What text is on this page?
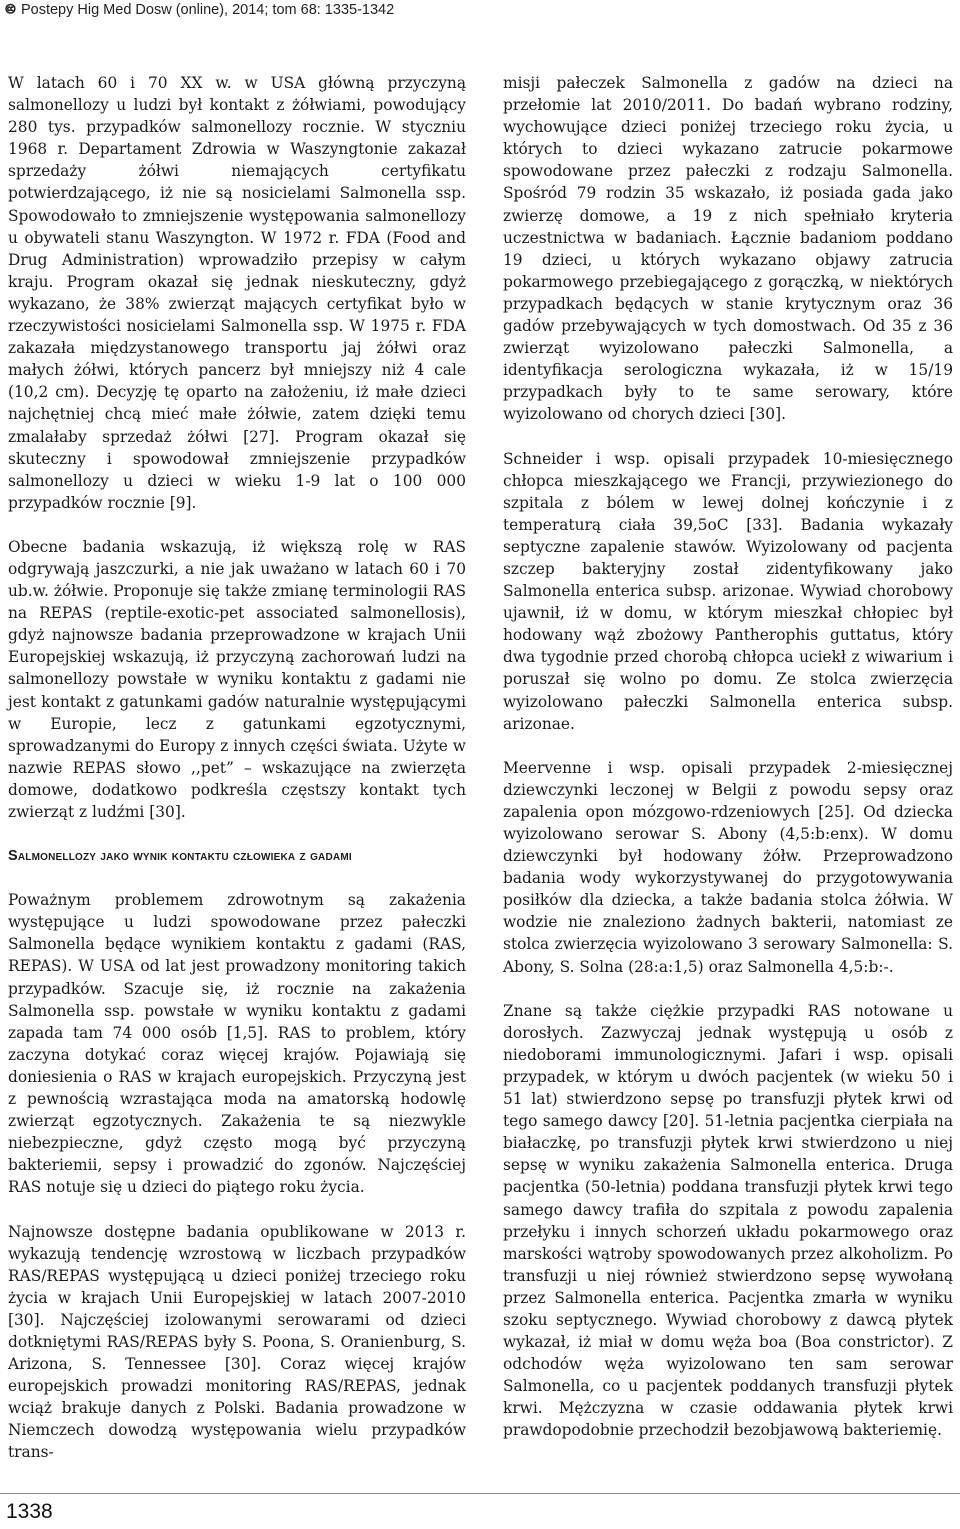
🅭 Postepy Hig Med Dosw (online), 2014; tom 68: 1335-1342

W latach 60 i 70 XX w. w USA główną przyczyną salmonellozy u ludzi był kontakt z żółwiami, powodujący 280 tys. przypadków salmonellozy rocznie. W styczniu 1968 r. Departament Zdrowia w Waszyngtonie zakazał sprzedaży żółwi niemających certyfikatu potwierdzającego, iż nie są nosicielami Salmonella ssp. Spowodowało to zmniejszenie występowania salmonellozy u obywateli stanu Waszyngton. W 1972 r. FDA (Food and Drug Administration) wprowadziło przepisy w całym kraju. Program okazał się jednak nieskuteczny, gdyż wykazano, że 38% zwierząt mających certyfikat było w rzeczywistości nosicielami Salmonella ssp. W 1975 r. FDA zakazała międzystanowego transportu jaj żółwi oraz małych żółwi, których pancerz był mniejszy niż 4 cale (10,2 cm). Decyzję tę oparto na założeniu, iż małe dzieci najchętniej chcą mieć małe żółwie, zatem dzięki temu zmalałaby sprzedaż żółwi [27]. Program okazał się skuteczny i spowodował zmniejszenie przypadków salmonellozy u dzieci w wieku 1-9 lat o 100 000 przypadków rocznie [9].

Obecne badania wskazują, iż większą rolę w RAS odgrywają jaszczurki, a nie jak uważano w latach 60 i 70 ub.w. żółwie. Proponuje się także zmianę terminologii RAS na REPAS (reptile-exotic-pet associated salmonellosis), gdyż najnowsze badania przeprowadzone w krajach Unii Europejskiej wskazują, iż przyczyną zachorowań ludzi na salmonellozy powstałe w wyniku kontaktu z gadami nie jest kontakt z gatunkami gadów naturalnie występującymi w Europie, lecz z gatunkami egzotycznymi, sprowadzanymi do Europy z innych części świata. Użyte w nazwie REPAS słowo ,,pet” – wskazujące na zwierzęta domowe, dodatkowo podkreśla częstszy kontakt tych zwierząt z ludźmi [30].

Salmonellozy jako wynik kontaktu człowieka z gadami

Poważnym problemem zdrowotnym są zakażenia występujące u ludzi spowodowane przez pałeczki Salmonella będące wynikiem kontaktu z gadami (RAS, REPAS). W USA od lat jest prowadzony monitoring takich przypadków. Szacuje się, iż rocznie na zakażenia Salmonella ssp. powstałe w wyniku kontaktu z gadami zapada tam 74 000 osób [1,5]. RAS to problem, który zaczyna dotykać coraz więcej krajów. Pojawiają się doniesienia o RAS w krajach europejskich. Przyczyną jest z pewnością wzrastająca moda na amatorską hodowlę zwierząt egzotycznych. Zakażenia te są niezwykle niebezpieczne, gdyż często mogą być przyczyną bakteriemii, sepsy i prowadzić do zgonów. Najczęściej RAS notuje się u dzieci do piątego roku życia.

Najnowsze dostępne badania opublikowane w 2013 r. wykazują tendencję wzrostową w liczbach przypadków RAS/REPAS występującą u dzieci poniżej trzeciego roku życia w krajach Unii Europejskiej w latach 2007-2010 [30]. Najczęściej izolowanymi serowarami od dzieci dotkniętymi RAS/REPAS były S. Poona, S. Oranienburg, S. Arizona, S. Tennessee [30]. Coraz więcej krajów europejskich prowadzi monitoring RAS/REPAS, jednak wciąż brakuje danych z Polski. Badania prowadzone w Niemczech dowodzą występowania wielu przypadków trans-

misji pałeczek Salmonella z gadów na dzieci na przełomie lat 2010/2011. Do badań wybrano rodziny, wychowujące dzieci poniżej trzeciego roku życia, u których to dzieci wykazano zatrucie pokarmowe spowodowane przez pałeczki z rodzaju Salmonella. Spośród 79 rodzin 35 wskazało, iż posiada gada jako zwierzę domowe, a 19 z nich spełniało kryteria uczestnictwa w badaniach. Łącznie badaniom poddano 19 dzieci, u których wykazano objawy zatrucia pokarmowego przebiegającego z gorączką, w niektórych przypadkach będących w stanie krytycznym oraz 36 gadów przebywających w tych domostwach. Od 35 z 36 zwierząt wyizolowano pałeczki Salmonella, a identyfikacja serologiczna wykazała, iż w 15/19 przypadkach były to te same serowary, które wyizolowano od chorych dzieci [30].

Schneider i wsp. opisali przypadek 10-miesięcznego chłopca mieszkającego we Francji, przywiezionego do szpitala z bólem w lewej dolnej kończynie i z temperaturą ciała 39,5oC [33]. Badania wykazały septyczne zapalenie stawów. Wyizolowany od pacjenta szczep bakteryjny został zidentyfikowany jako Salmonella enterica subsp. arizonae. Wywiad chorobowy ujawnił, iż w domu, w którym mieszkał chłopiec był hodowany wąż zbożowy Pantherophis guttatus, który dwa tygodnie przed chorobą chłopca uciekł z wiwarium i poruszał się wolno po domu. Ze stolca zwierzęcia wyizolowano pałeczki Salmonella enterica subsp. arizonae.

Meervenne i wsp. opisali przypadek 2-miesięcznej dziewczynki leczonej w Belgii z powodu sepsy oraz zapalenia opon mózgowo-rdzeniowych [25]. Od dziecka wyizolowano serowar S. Abony (4,5:b:enx). W domu dziewczynki był hodowany żółw. Przeprowadzono badania wody wykorzystywanej do przygotowywania posiłków dla dziecka, a także badania stolca żółwia. W wodzie nie znaleziono żadnych bakterii, natomiast ze stolca zwierzęcia wyizolowano 3 serowary Salmonella: S. Abony, S. Solna (28:a:1,5) oraz Salmonella 4,5:b:-.

Znane są także ciężkie przypadki RAS notowane u dorosłych. Zazwyczaj jednak występują u osób z niedoborami immunologicznymi. Jafari i wsp. opisali przypadek, w którym u dwóch pacjentek (w wieku 50 i 51 lat) stwierdzono sepsę po transfuzji płytek krwi od tego samego dawcy [20]. 51-letnia pacjentka cierpiała na białaczkę, po transfuzji płytek krwi stwierdzono u niej sepsę w wyniku zakażenia Salmonella enterica. Druga pacjentka (50-letnia) poddana transfuzji płytek krwi tego samego dawcy trafiła do szpitala z powodu zapalenia przełyku i innych schorzeń układu pokarmowego oraz marskości wątroby spowodowanych przez alkoholizm. Po transfuzji u niej również stwierdzono sepsę wywołaną przez Salmonella enterica. Pacjentka zmarła w wyniku szoku septycznego. Wywiad chorobowy z dawcą płytek wykazał, iż miał w domu węża boa (Boa constrictor). Z odchodów węża wyizolowano ten sam serowar Salmonella, co u pacjentek poddanych transfuzji płytek krwi. Mężczyzna w czasie oddawania płytek krwi prawdopodobnie przechodził bezobjawową bakteriemię.

1338
